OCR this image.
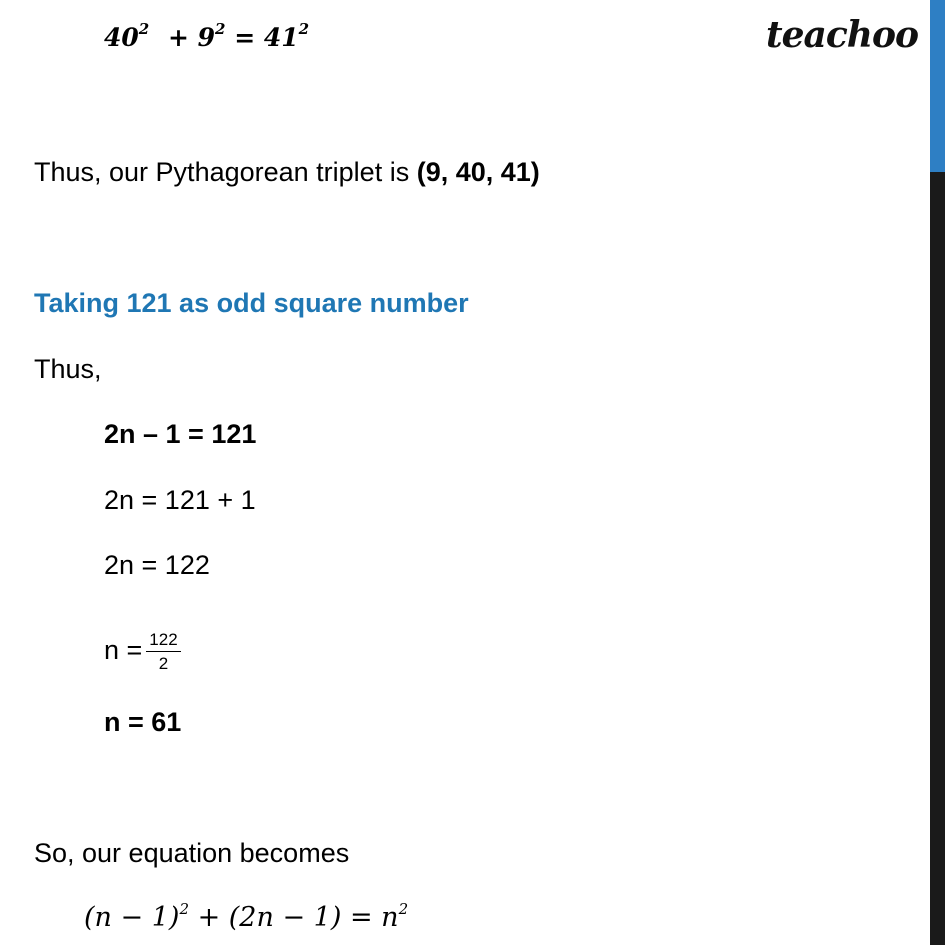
$40^2 + 9^2 = 41^2$	teachoo
Thus, our Pythagorean triplet is (9, 40, 41)
Taking 121 as odd square number
Thus,
2n – 1 = 121
2n = 121 + 1
2n = 122
$n = \frac{122}{2}$
n = 61
So, our equation becomes
$(n - 1)^2 + (2n - 1) = n^2$
